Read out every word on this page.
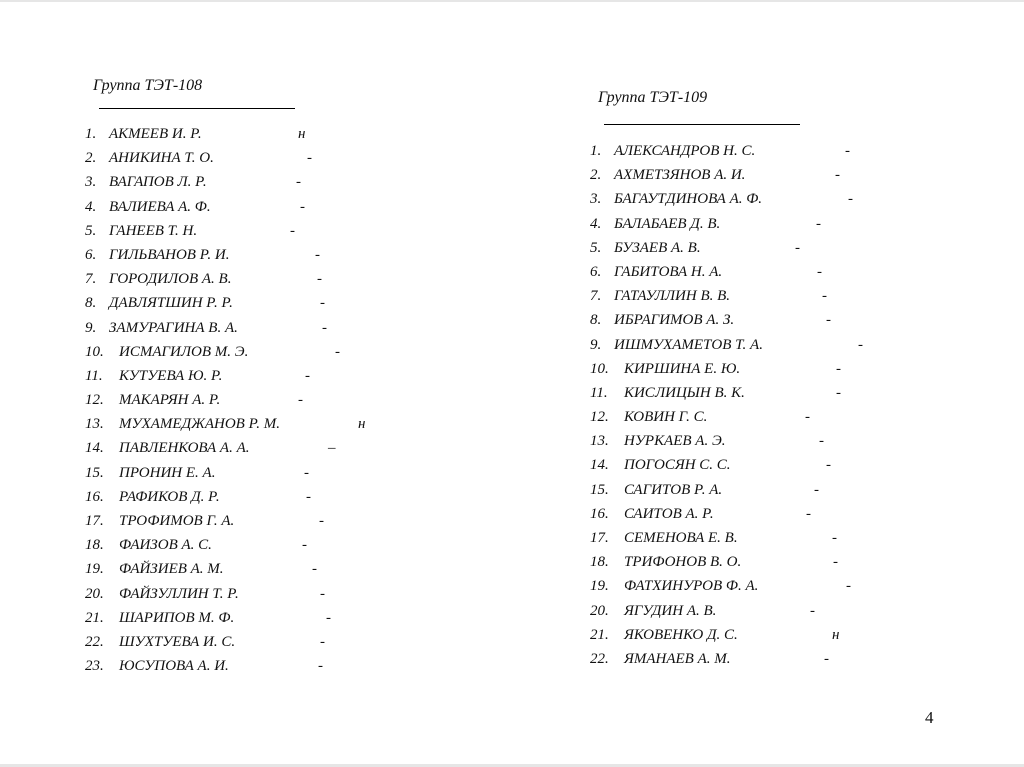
Группа ТЭТ-108
1. АКМЕЕВ И. Р.	н
2. АНИКИНА Т. О.	-
3. ВАГАПОВ Л. Р.	-
4. ВАЛИЕВА А. Ф.	-
5. ГАНЕЕВ Т. Н.	-
6. ГИЛЬВАНОВ Р. И.	-
7. ГОРОДИЛОВ А. В.	-
8. ДАВЛЯТШИН Р. Р.	-
9. ЗАМУРАГИНА В. А.	-
10. ИСМАГИЛОВ М. Э.	-
11. КУТУЕВА Ю. Р.	-
12. МАКАРЯН А. Р.	-
13. МУХАМЕДЖАНОВ Р. М.	н
14. ПАВЛЕНКОВА А. А.	–
15. ПРОНИН Е. А.	-
16. РАФИКОВ Д. Р.	-
17. ТРОФИМОВ Г. А.	-
18. ФАИЗОВ А. С.	-
19. ФАЙЗИЕВ А. М.	-
20. ФАЙЗУЛЛИН Т. Р.	-
21. ШАРИПОВ М. Ф.	-
22. ШУХТУЕВА И. С.	-
23. ЮСУПОВА А. И.	-
Группа ТЭТ-109
1. АЛЕКСАНДРОВ Н. С.	-
2. АХМЕТЗЯНОВ А. И.	-
3. БАГАУТДИНОВА А. Ф.	-
4. БАЛАБАЕВ Д. В.	-
5. БУЗАЕВ А. В.	-
6. ГАБИТОВА Н. А.	-
7. ГАТАУЛЛИН В. В.	-
8. ИБРАГИМОВ А. З.	-
9. ИШМУХАМЕТОВ Т. А.	-
10. КИРШИНА Е. Ю.	-
11. КИСЛИЦЫН В. К.	-
12. КОВИН Г. С.	-
13. НУРКАЕВ А. Э.	-
14. ПОГОСЯН С. С.	-
15. САГИТОВ Р. А.	-
16. САИТОВ А. Р.	-
17. СЕМЕНОВА Е. В.	-
18. ТРИФОНОВ В. О.	-
19. ФАТХИНУРОВ Ф. А.	-
20. ЯГУДИН А. В.	-
21. ЯКОВЕНКО Д. С.	н
22. ЯМАНАЕВ А. М.	-
4
